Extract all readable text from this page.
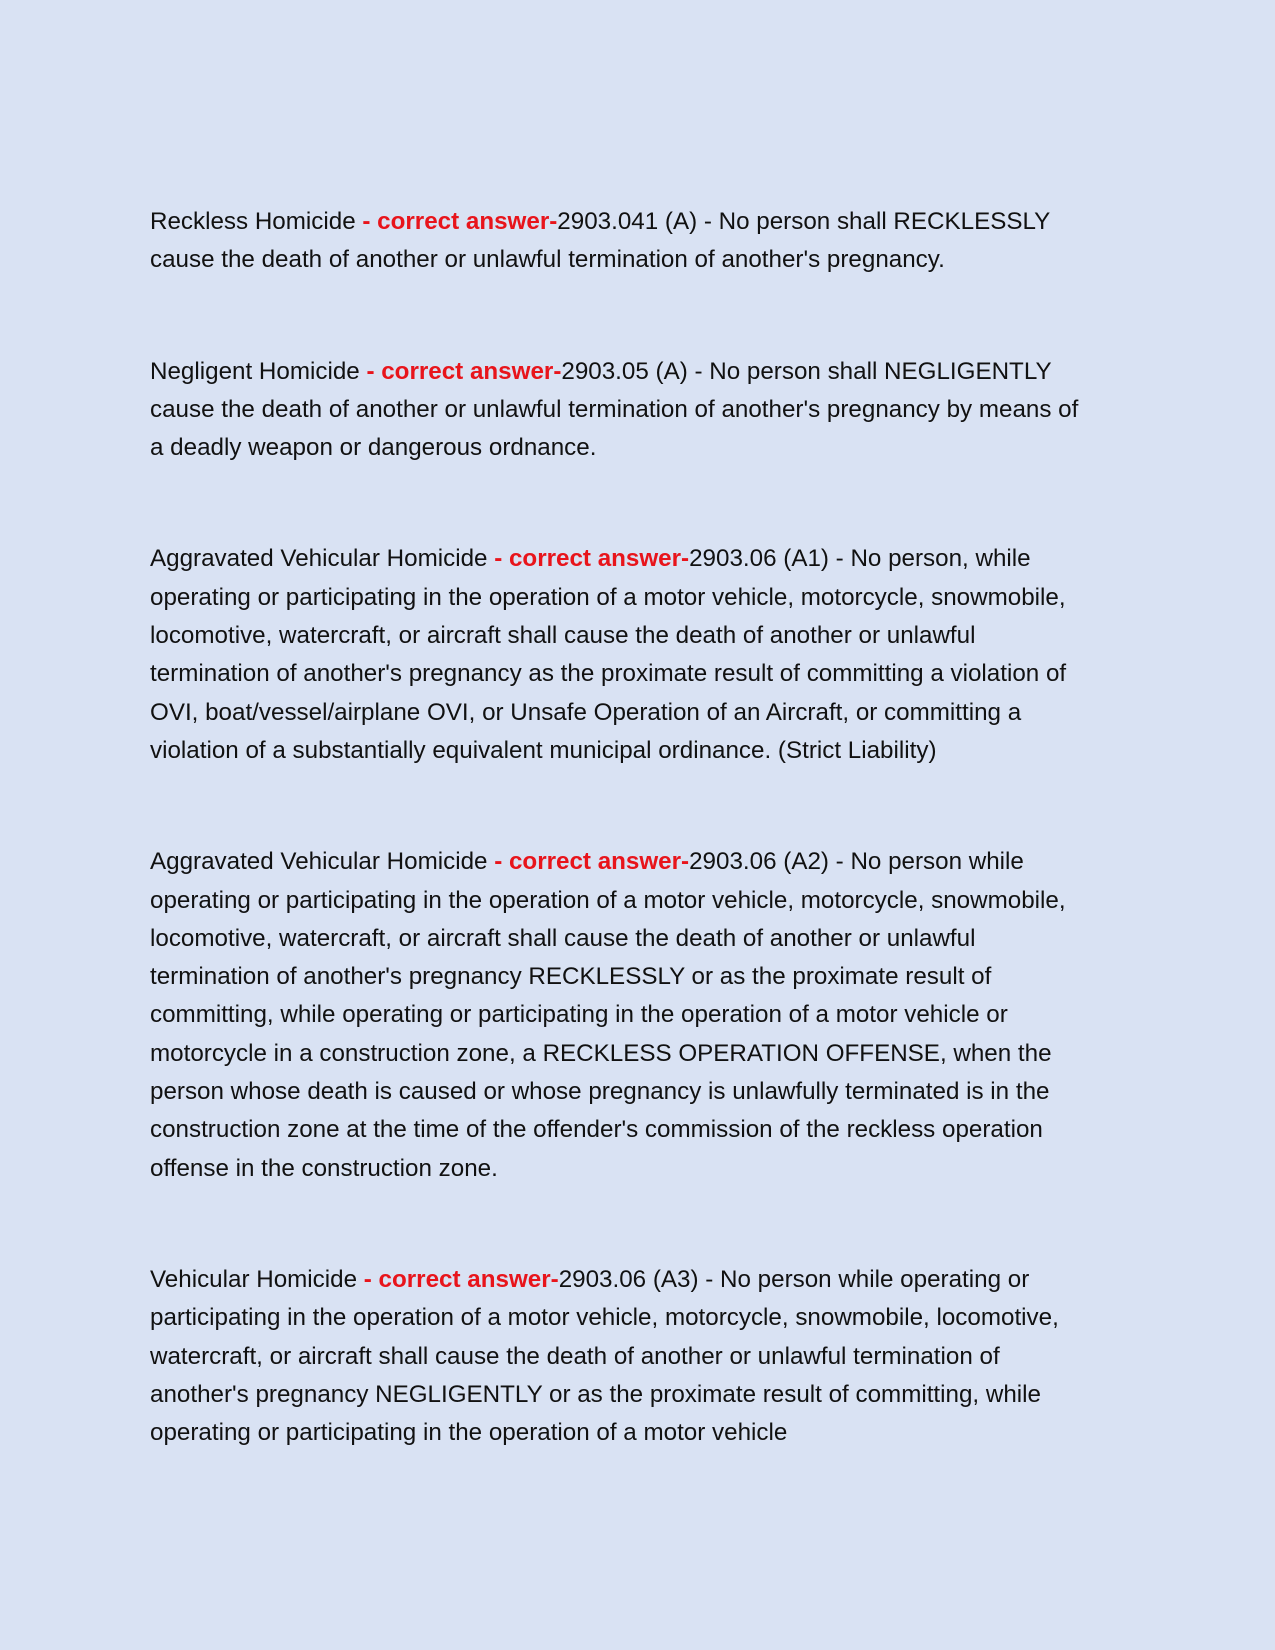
Reckless Homicide - correct answer-2903.041 (A) - No person shall RECKLESSLY cause the death of another or unlawful termination of another's pregnancy.

Negligent Homicide - correct answer-2903.05 (A) - No person shall NEGLIGENTLY cause the death of another or unlawful termination of another's pregnancy by means of a deadly weapon or dangerous ordnance.

Aggravated Vehicular Homicide - correct answer-2903.06 (A1) - No person, while operating or participating in the operation of a motor vehicle, motorcycle, snowmobile, locomotive, watercraft, or aircraft shall cause the death of another or unlawful termination of another's pregnancy as the proximate result of committing a violation of OVI, boat/vessel/airplane OVI, or Unsafe Operation of an Aircraft, or committing a violation of a substantially equivalent municipal ordinance. (Strict Liability)

Aggravated Vehicular Homicide - correct answer-2903.06 (A2) - No person while operating or participating in the operation of a motor vehicle, motorcycle, snowmobile, locomotive, watercraft, or aircraft shall cause the death of another or unlawful termination of another's pregnancy RECKLESSLY or as the proximate result of committing, while operating or participating in the operation of a motor vehicle or motorcycle in a construction zone, a RECKLESS OPERATION OFFENSE, when the person whose death is caused or whose pregnancy is unlawfully terminated is in the construction zone at the time of the offender's commission of the reckless operation offense in the construction zone.

Vehicular Homicide - correct answer-2903.06 (A3) - No person while operating or participating in the operation of a motor vehicle, motorcycle, snowmobile, locomotive, watercraft, or aircraft shall cause the death of another or unlawful termination of another's pregnancy NEGLIGENTLY or as the proximate result of committing, while operating or participating in the operation of a motor vehicle
